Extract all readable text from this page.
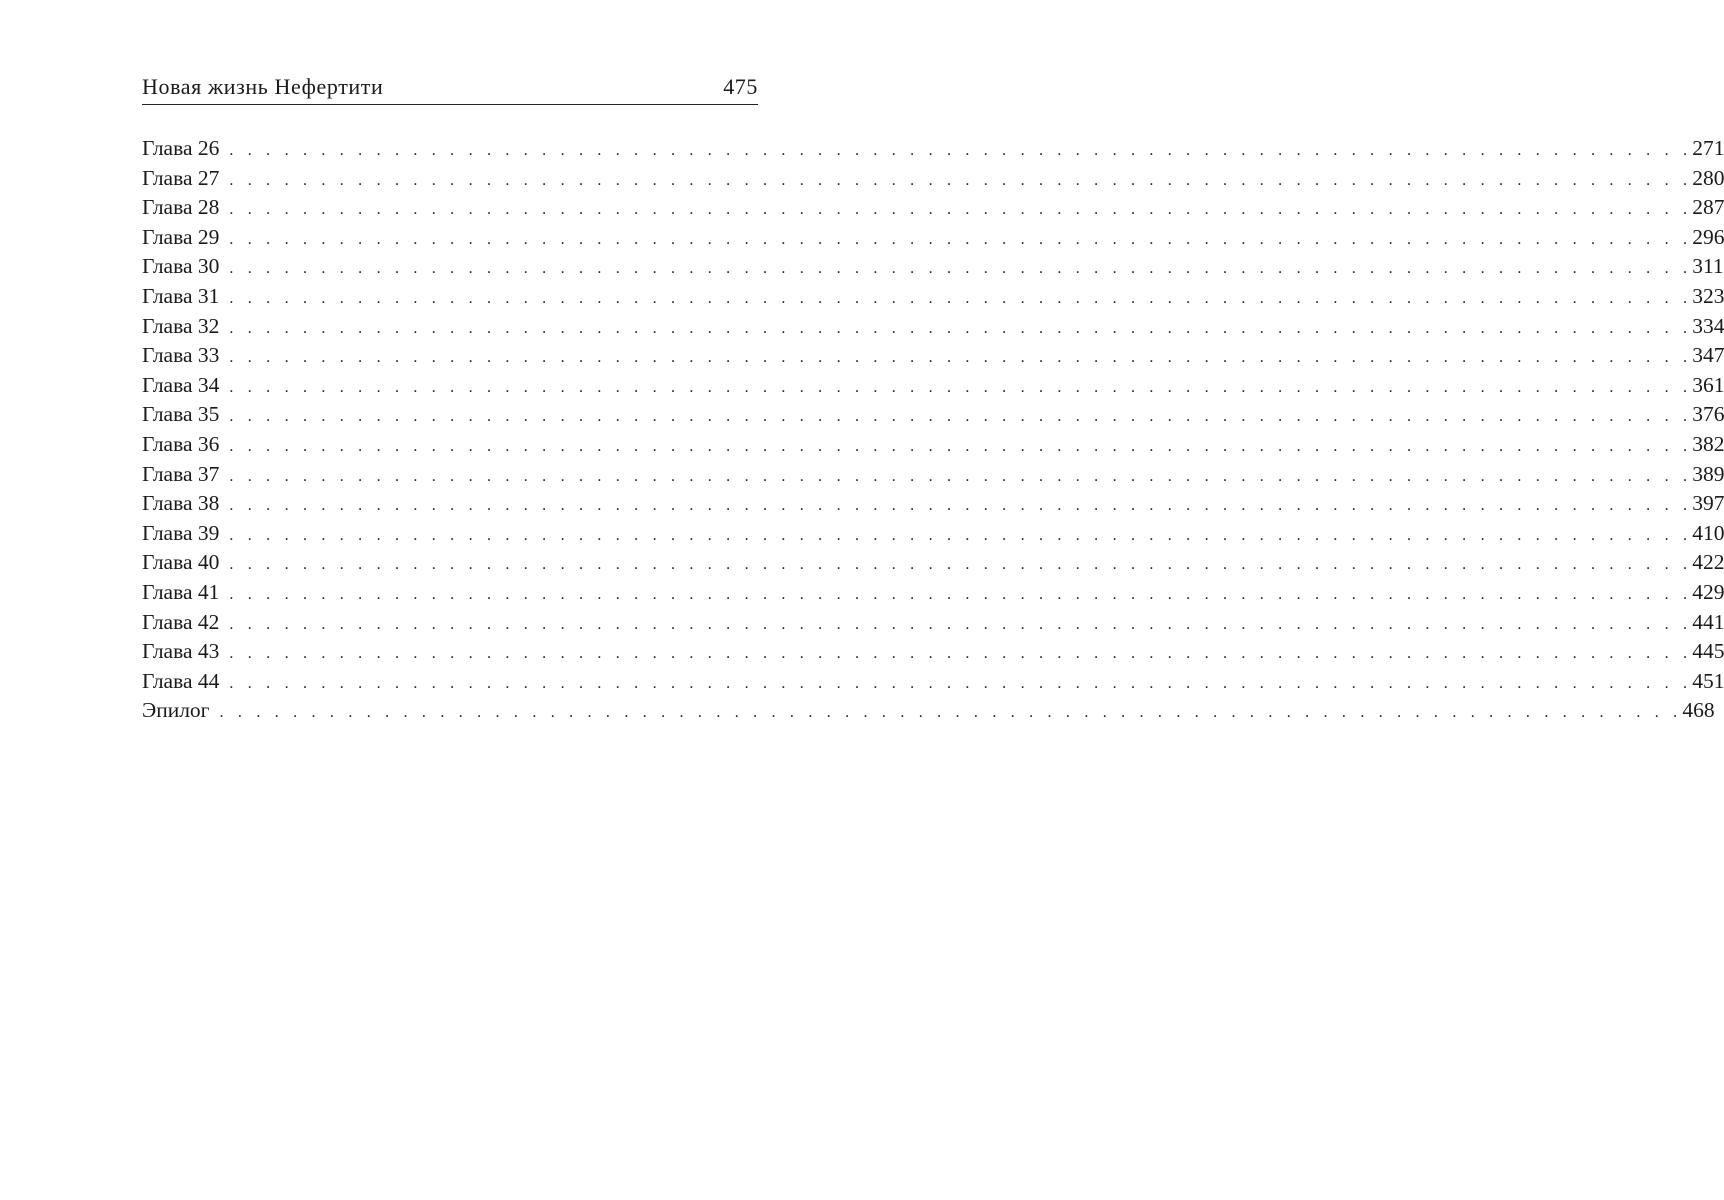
Новая жизнь Нефертити	475
Глава 26 . . . . . . . . . . . . . . . . . . . . . . . . . . . . . . . . . . . . . . . . . . . . . . . . . . . . . . . . . . . . . . . . . . . . . . . . . . . . . . . . 271
Глава 27 . . . . . . . . . . . . . . . . . . . . . . . . . . . . . . . . . . . . . . . . . . . . . . . . . . . . . . . . . . . . . . . . . . . . . . . . . . . . . . . . 280
Глава 28 . . . . . . . . . . . . . . . . . . . . . . . . . . . . . . . . . . . . . . . . . . . . . . . . . . . . . . . . . . . . . . . . . . . . . . . . . . . . . . . . 287
Глава 29 . . . . . . . . . . . . . . . . . . . . . . . . . . . . . . . . . . . . . . . . . . . . . . . . . . . . . . . . . . . . . . . . . . . . . . . . . . . . . . . . 296
Глава 30 . . . . . . . . . . . . . . . . . . . . . . . . . . . . . . . . . . . . . . . . . . . . . . . . . . . . . . . . . . . . . . . . . . . . . . . . . . . . . . . . 311
Глава 31 . . . . . . . . . . . . . . . . . . . . . . . . . . . . . . . . . . . . . . . . . . . . . . . . . . . . . . . . . . . . . . . . . . . . . . . . . . . . . . . . 323
Глава 32 . . . . . . . . . . . . . . . . . . . . . . . . . . . . . . . . . . . . . . . . . . . . . . . . . . . . . . . . . . . . . . . . . . . . . . . . . . . . . . . . 334
Глава 33 . . . . . . . . . . . . . . . . . . . . . . . . . . . . . . . . . . . . . . . . . . . . . . . . . . . . . . . . . . . . . . . . . . . . . . . . . . . . . . . . 347
Глава 34 . . . . . . . . . . . . . . . . . . . . . . . . . . . . . . . . . . . . . . . . . . . . . . . . . . . . . . . . . . . . . . . . . . . . . . . . . . . . . . . . 361
Глава 35 . . . . . . . . . . . . . . . . . . . . . . . . . . . . . . . . . . . . . . . . . . . . . . . . . . . . . . . . . . . . . . . . . . . . . . . . . . . . . . . . 376
Глава 36 . . . . . . . . . . . . . . . . . . . . . . . . . . . . . . . . . . . . . . . . . . . . . . . . . . . . . . . . . . . . . . . . . . . . . . . . . . . . . . . . 382
Глава 37 . . . . . . . . . . . . . . . . . . . . . . . . . . . . . . . . . . . . . . . . . . . . . . . . . . . . . . . . . . . . . . . . . . . . . . . . . . . . . . . . 389
Глава 38 . . . . . . . . . . . . . . . . . . . . . . . . . . . . . . . . . . . . . . . . . . . . . . . . . . . . . . . . . . . . . . . . . . . . . . . . . . . . . . . . 397
Глава 39 . . . . . . . . . . . . . . . . . . . . . . . . . . . . . . . . . . . . . . . . . . . . . . . . . . . . . . . . . . . . . . . . . . . . . . . . . . . . . . . . 410
Глава 40 . . . . . . . . . . . . . . . . . . . . . . . . . . . . . . . . . . . . . . . . . . . . . . . . . . . . . . . . . . . . . . . . . . . . . . . . . . . . . . . . 422
Глава 41 . . . . . . . . . . . . . . . . . . . . . . . . . . . . . . . . . . . . . . . . . . . . . . . . . . . . . . . . . . . . . . . . . . . . . . . . . . . . . . . . 429
Глава 42 . . . . . . . . . . . . . . . . . . . . . . . . . . . . . . . . . . . . . . . . . . . . . . . . . . . . . . . . . . . . . . . . . . . . . . . . . . . . . . . . 441
Глава 43 . . . . . . . . . . . . . . . . . . . . . . . . . . . . . . . . . . . . . . . . . . . . . . . . . . . . . . . . . . . . . . . . . . . . . . . . . . . . . . . . 445
Глава 44 . . . . . . . . . . . . . . . . . . . . . . . . . . . . . . . . . . . . . . . . . . . . . . . . . . . . . . . . . . . . . . . . . . . . . . . . . . . . . . . . 451
Эпилог . . . . . . . . . . . . . . . . . . . . . . . . . . . . . . . . . . . . . . . . . . . . . . . . . . . . . . . . . . . . . . . . . . . . . . . . . . . . . . . . 468
